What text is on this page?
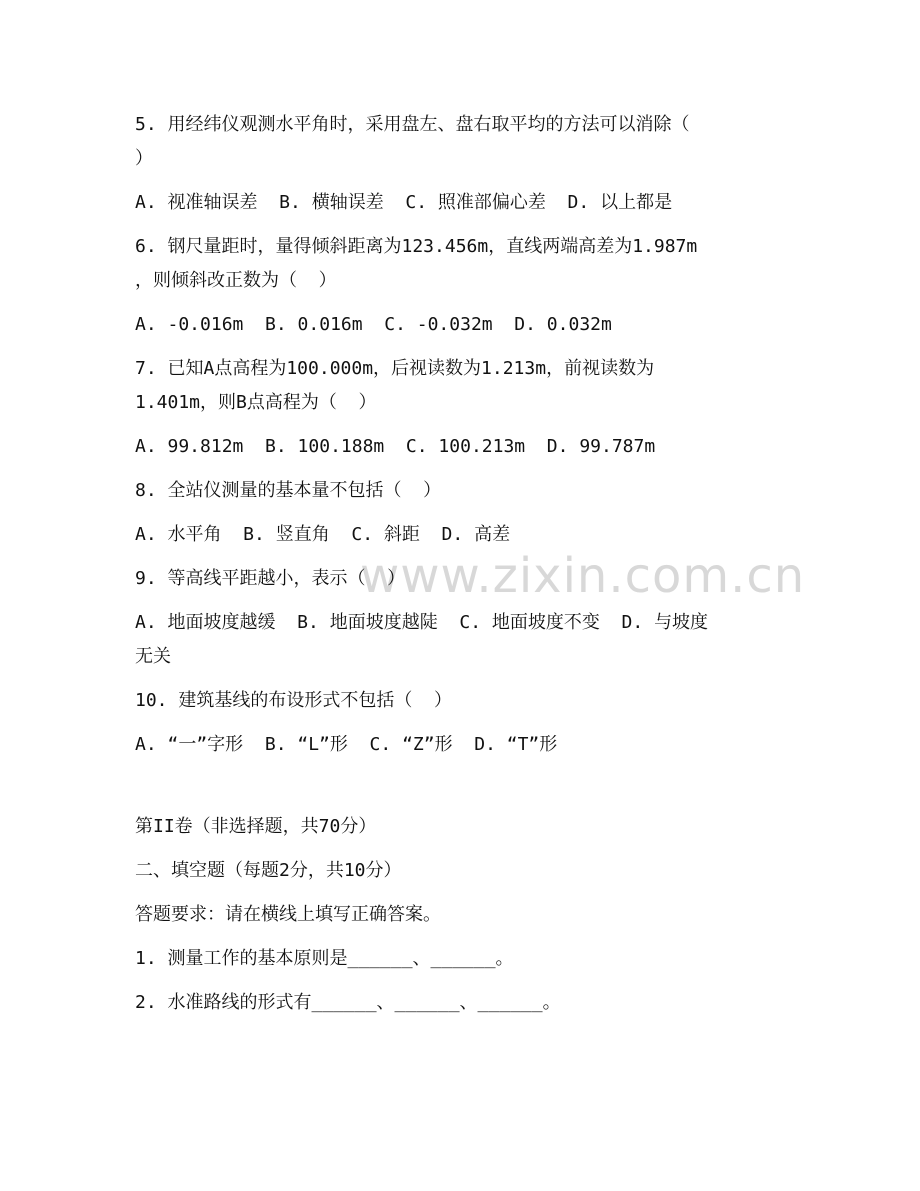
www.zixin.com.cn

5. 用经纬仪观测水平角时，采用盘左、盘右取平均的方法可以消除（

）

A. 视准轴误差  B. 横轴误差  C. 照准部偏心差  D. 以上都是

6. 钢尺量距时，量得倾斜距离为123.456m，直线两端高差为1.987m

，则倾斜改正数为（  ）

A. -0.016m  B. 0.016m  C. -0.032m  D. 0.032m

7. 已知A点高程为100.000m，后视读数为1.213m，前视读数为

1.401m，则B点高程为（  ）

A. 99.812m  B. 100.188m  C. 100.213m  D. 99.787m

8. 全站仪测量的基本量不包括（  ）

A. 水平角  B. 竖直角  C. 斜距  D. 高差

9. 等高线平距越小，表示（  ）

A. 地面坡度越缓  B. 地面坡度越陡  C. 地面坡度不变  D. 与坡度

无关

10. 建筑基线的布设形式不包括（  ）

A. “一”字形  B. “L”形  C. “Z”形  D. “T”形

第II卷（非选择题，共70分）

二、填空题（每题2分，共10分）

答题要求：请在横线上填写正确答案。

1. 测量工作的基本原则是______、______。

2. 水准路线的形式有______、______、______。
